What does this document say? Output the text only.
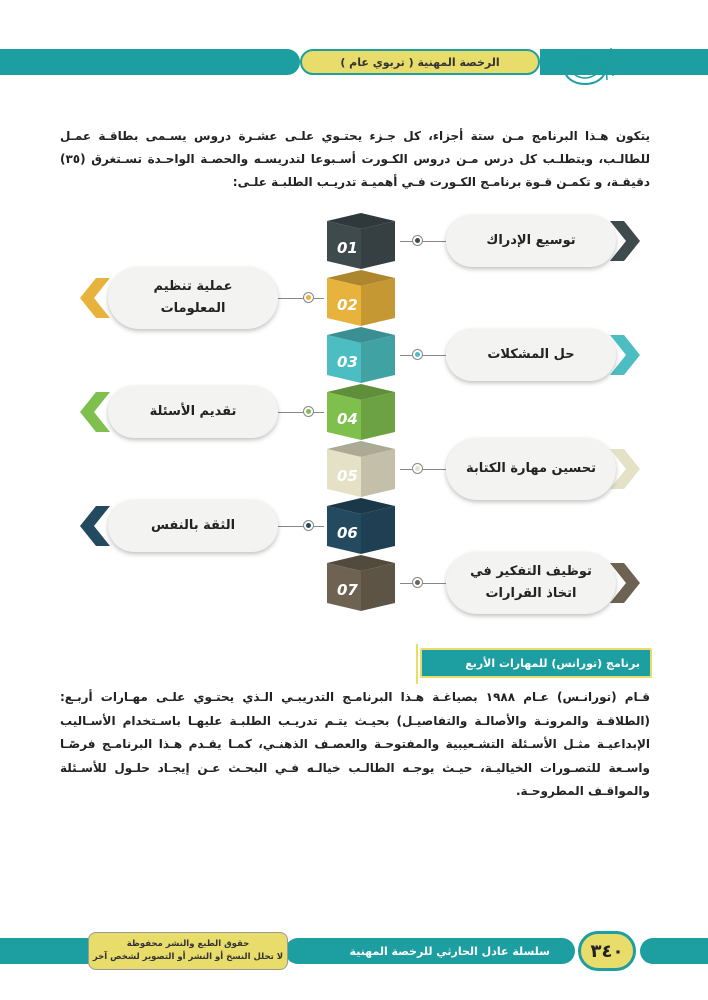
الرخصة المهنية ( تربوي عام )
يتكون هـذا البرنامج مـن ستة أجزاء، كل جـزء يحتـوي علـى عشـرة دروس يسـمى بطاقـة عمـل للطالـب، ويتطلـب كل درس مـن دروس الكـورت أسـبوعا لتدريسـه والحصـة الواحـدة تسـتغرق (٣٥) دقيقـة، و تكمـن قـوة برنامـج الكـورت فـي أهميـة تدريـب الطلبـة علـى:
01	توسيع الإدراك
02
عملية تنظيم المعلومات
03	حل المشكلات
04
تقديم الأسئلة
05	تحسين مهارة الكتابة
06
الثقة بالنفس
07
توظيف التفكير في اتخاذ القرارات
برنامج (تورانس) للمهارات الأربع
قـام (تورانـس) عـام ١٩٨٨ بصياغـة هـذا البرنامـج التدريبـي الـذي يحتـوي علـى مهـارات أربـع: (الطلاقـة والمرونـة والأصالـة والتفاصيـل) بحيـث يتـم تدريـب الطلبـة عليهـا باسـتخدام الأسـاليب الإبداعيـة مثـل الأسـئلة التشـعيبية والمفتوحـة والعصـف الذهنـي، كمـا يقـدم هـذا البرنامـج فرصًـا واسـعة للتصـورات الخياليـة، حيـث يوجـه الطالـب خيالـه فـي البحـث عـن إيجـاد حلـول للأسـئلة والمواقـف المطروحـة.
سلسلة عادل الحارثي للرخصة المهنية
حقوق الطبع والنشر محفوظة
لا تحلل النسخ أو النشر أو التصوير لشخص آخر	٣٤٠
